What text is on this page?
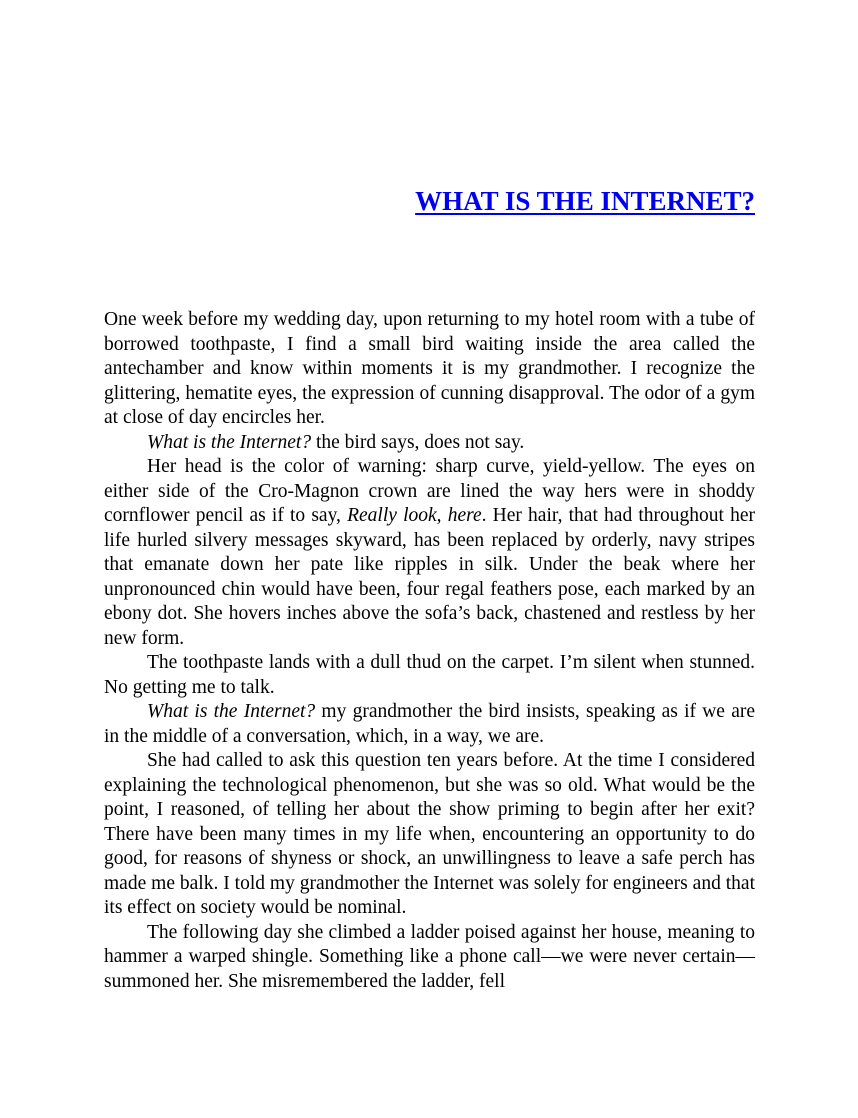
WHAT IS THE INTERNET?

One week before my wedding day, upon returning to my hotel room with a tube of borrowed toothpaste, I find a small bird waiting inside the area called the antechamber and know within moments it is my grandmother. I recognize the glittering, hematite eyes, the expression of cunning disapproval. The odor of a gym at close of day encircles her.

What is the Internet? the bird says, does not say.

Her head is the color of warning: sharp curve, yield-yellow. The eyes on either side of the Cro-Magnon crown are lined the way hers were in shoddy cornflower pencil as if to say, Really look, here. Her hair, that had throughout her life hurled silvery messages skyward, has been replaced by orderly, navy stripes that emanate down her pate like ripples in silk. Under the beak where her unpronounced chin would have been, four regal feathers pose, each marked by an ebony dot. She hovers inches above the sofa’s back, chastened and restless by her new form.

The toothpaste lands with a dull thud on the carpet. I’m silent when stunned. No getting me to talk.

What is the Internet? my grandmother the bird insists, speaking as if we are in the middle of a conversation, which, in a way, we are.

She had called to ask this question ten years before. At the time I considered explaining the technological phenomenon, but she was so old. What would be the point, I reasoned, of telling her about the show priming to begin after her exit? There have been many times in my life when, encountering an opportunity to do good, for reasons of shyness or shock, an unwillingness to leave a safe perch has made me balk. I told my grandmother the Internet was solely for engineers and that its effect on society would be nominal.

The following day she climbed a ladder poised against her house, meaning to hammer a warped shingle. Something like a phone call—we were never certain—summoned her. She misremembered the ladder, fell
